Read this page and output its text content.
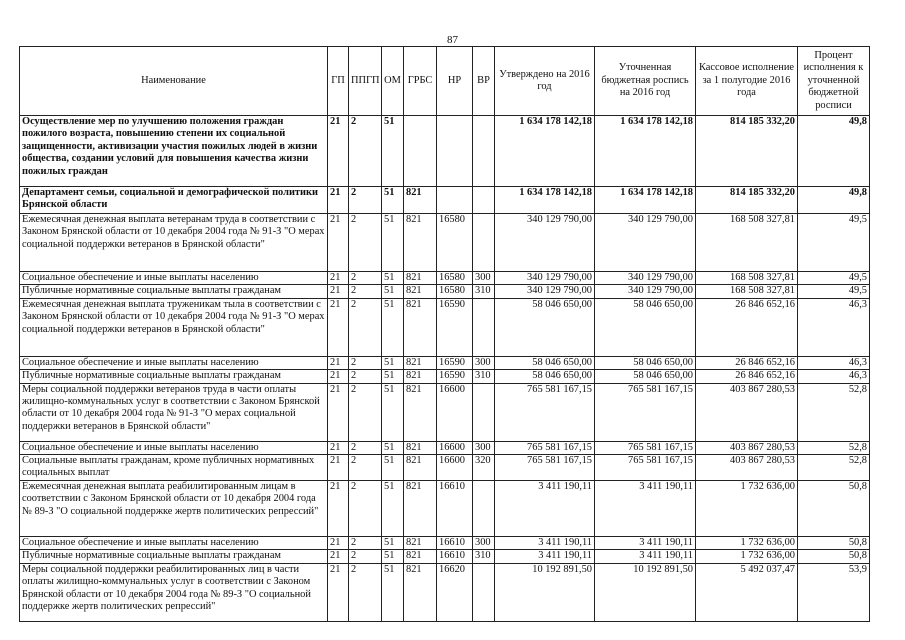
87
Наименование	ГП	ППГП	ОМ	ГРБС	НР	ВР	Утверждено на 2016 год	Уточненная бюджетная роспись на 2016 год	Кассовое исполнение за 1 полугодие 2016 года	Процент исполнения к уточненной бюджетной росписи
Осуществление мер по улучшению положения граждан пожилого возраста, повышению степени их социальной защищенности, активизации участия пожилых людей в жизни общества, создании условий для повышения качества жизни пожилых граждан	21	2	51				1 634 178 142,18	1 634 178 142,18	814 185 332,20	49,8
Департамент семьи, социальной и демографической политики Брянской области	21	2	51	821			1 634 178 142,18	1 634 178 142,18	814 185 332,20	49,8
Ежемесячная денежная выплата ветеранам труда в соответствии с Законом Брянской области от 10 декабря 2004 года № 91-З "О мерах социальной поддержки ветеранов в Брянской области"	21	2	51	821	16580		340 129 790,00	340 129 790,00	168 508 327,81	49,5
Социальное обеспечение и иные выплаты населению	21	2	51	821	16580	300	340 129 790,00	340 129 790,00	168 508 327,81	49,5
Публичные нормативные социальные выплаты гражданам	21	2	51	821	16580	310	340 129 790,00	340 129 790,00	168 508 327,81	49,5
Ежемесячная денежная выплата труженикам тыла в соответствии с Законом Брянской области от 10 декабря 2004 года № 91-З "О мерах социальной поддержки ветеранов в Брянской области"	21	2	51	821	16590		58 046 650,00	58 046 650,00	26 846 652,16	46,3
Социальное обеспечение и иные выплаты населению	21	2	51	821	16590	300	58 046 650,00	58 046 650,00	26 846 652,16	46,3
Публичные нормативные социальные выплаты гражданам	21	2	51	821	16590	310	58 046 650,00	58 046 650,00	26 846 652,16	46,3
Меры социальной поддержки ветеранов труда в части оплаты жилищно-коммунальных услуг в соответствии с Законом Брянской области от 10 декабря 2004 года № 91-З "О мерах социальной поддержки ветеранов в Брянской области"	21	2	51	821	16600		765 581 167,15	765 581 167,15	403 867 280,53	52,8
Социальное обеспечение и иные выплаты населению	21	2	51	821	16600	300	765 581 167,15	765 581 167,15	403 867 280,53	52,8
Социальные выплаты гражданам, кроме публичных нормативных социальных выплат	21	2	51	821	16600	320	765 581 167,15	765 581 167,15	403 867 280,53	52,8
Ежемесячная денежная выплата реабилитированным лицам в соответствии с Законом Брянской области от 10 декабря 2004 года № 89-З "О социальной поддержке жертв политических репрессий"	21	2	51	821	16610		3 411 190,11	3 411 190,11	1 732 636,00	50,8
Социальное обеспечение и иные выплаты населению	21	2	51	821	16610	300	3 411 190,11	3 411 190,11	1 732 636,00	50,8
Публичные нормативные социальные выплаты гражданам	21	2	51	821	16610	310	3 411 190,11	3 411 190,11	1 732 636,00	50,8
Меры социальной поддержки реабилитированных лиц в части оплаты жилищно-коммунальных услуг в соответствии с Законом Брянской области от 10 декабря 2004 года № 89-З "О социальной поддержке жертв политических репрессий"	21	2	51	821	16620		10 192 891,50	10 192 891,50	5 492 037,47	53,9
